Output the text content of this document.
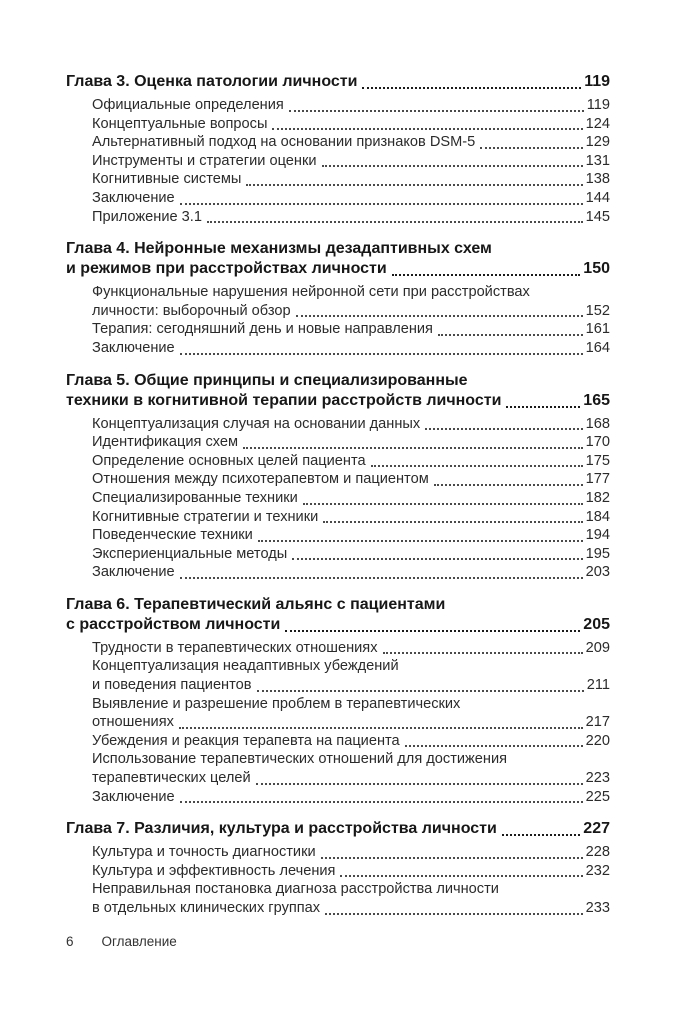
Глава 3. Оценка патологии личности	119
Официальные определения	119
Концептуальные вопросы	124
Альтернативный подход на основании признаков DSM-5	129
Инструменты и стратегии оценки	131
Когнитивные системы	138
Заключение	144
Приложение 3.1	145
Глава 4. Нейронные механизмы дезадаптивных схем
и режимов при расстройствах личности	150
Функциональные нарушения нейронной сети при расстройствах
личности: выборочный обзор	152
Терапия: сегодняшний день и новые направления	161
Заключение	164
Глава 5. Общие принципы и специализированные
техники в когнитивной терапии расстройств личности	165
Концептуализация случая на основании данных	168
Идентификация схем	170
Определение основных целей пациента	175
Отношения между психотерапевтом и пациентом	177
Специализированные техники	182
Когнитивные стратегии и техники	184
Поведенческие техники	194
Экспериенциальные методы	195
Заключение	203
Глава 6. Терапевтический альянс с пациентами
с расстройством личности	205
Трудности в терапевтических отношениях	209
Концептуализация неадаптивных убеждений
и поведения пациентов	211
Выявление и разрешение проблем в терапевтических
отношениях	217
Убеждения и реакция терапевта на пациента	220
Использование терапевтических отношений для достижения
терапевтических целей	223
Заключение	225
Глава 7. Различия, культура и расстройства личности	227
Культура и точность диагностики	228
Культура и эффективность лечения	232
Неправильная постановка диагноза расстройства личности
в отдельных клинических группах	233
6 Оглавление
